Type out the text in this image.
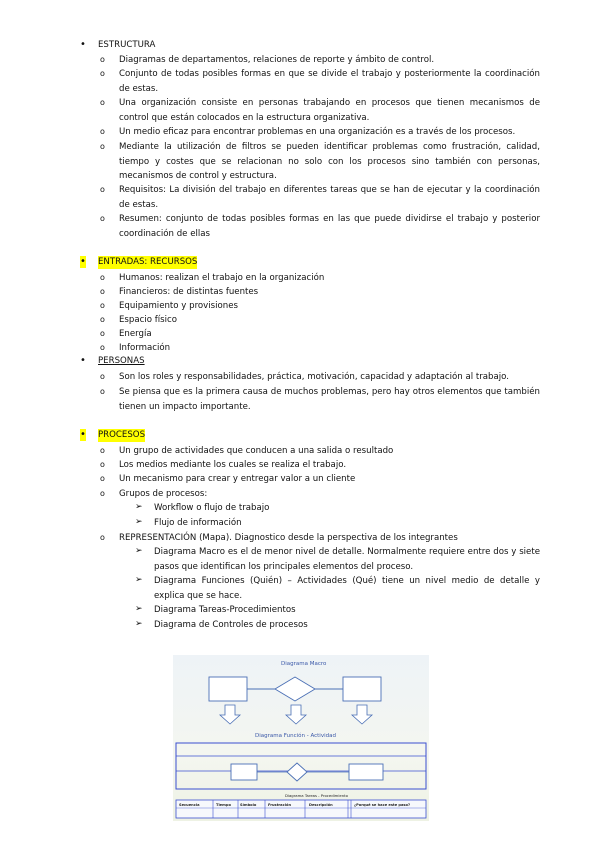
• ESTRUCTURA
o Diagramas de departamentos, relaciones de reporte y ámbito de control.
o Conjunto de todas posibles formas en que se divide el trabajo y posteriormente la coordinación de estas.
o Una organización consiste en personas trabajando en procesos que tienen mecanismos de control que están colocados en la estructura organizativa.
o Un medio eficaz para encontrar problemas en una organización es a través de los procesos.
o Mediante la utilización de filtros se pueden identificar problemas como frustración, calidad, tiempo y costes que se relacionan no solo con los procesos sino también con personas, mecanismos de control y estructura.
o Requisitos: La división del trabajo en diferentes tareas que se han de ejecutar y la coordinación de estas.
o Resumen: conjunto de todas posibles formas en las que puede dividirse el trabajo y posterior coordinación de ellas
• ENTRADAS: RECURSOS
o Humanos: realizan el trabajo en la organización
o Financieros: de distintas fuentes
o Equipamiento y provisiones
o Espacio físico
o Energía
o Información
• PERSONAS
o Son los roles y responsabilidades, práctica, motivación, capacidad y adaptación al trabajo.
o Se piensa que es la primera causa de muchos problemas, pero hay otros elementos que también tienen un impacto importante.
• PROCESOS
o Un grupo de actividades que conducen a una salida o resultado
o Los medios mediante los cuales se realiza el trabajo.
o Un mecanismo para crear y entregar valor a un cliente
o Grupos de procesos:
➢ Workflow o flujo de trabajo
➢ Flujo de información
o REPRESENTACIÓN (Mapa). Diagnostico desde la perspectiva de los integrantes
➢ Diagrama Macro es el de menor nivel de detalle. Normalmente requiere entre dos y siete pasos que identifican los principales elementos del proceso.
➢ Diagrama Funciones (Quién) – Actividades (Qué) tiene un nivel medio de detalle y explica que se hace.
➢ Diagrama Tareas-Procedimientos
➢ Diagrama de Controles de procesos
Diagrama Macro
Diagrama Función - Actividad
Diagrama Tareas - Procedimiento
Secuencia	Tiempo	Símbolo	Frustración	Descripción	¿Porqué se hace este paso?
